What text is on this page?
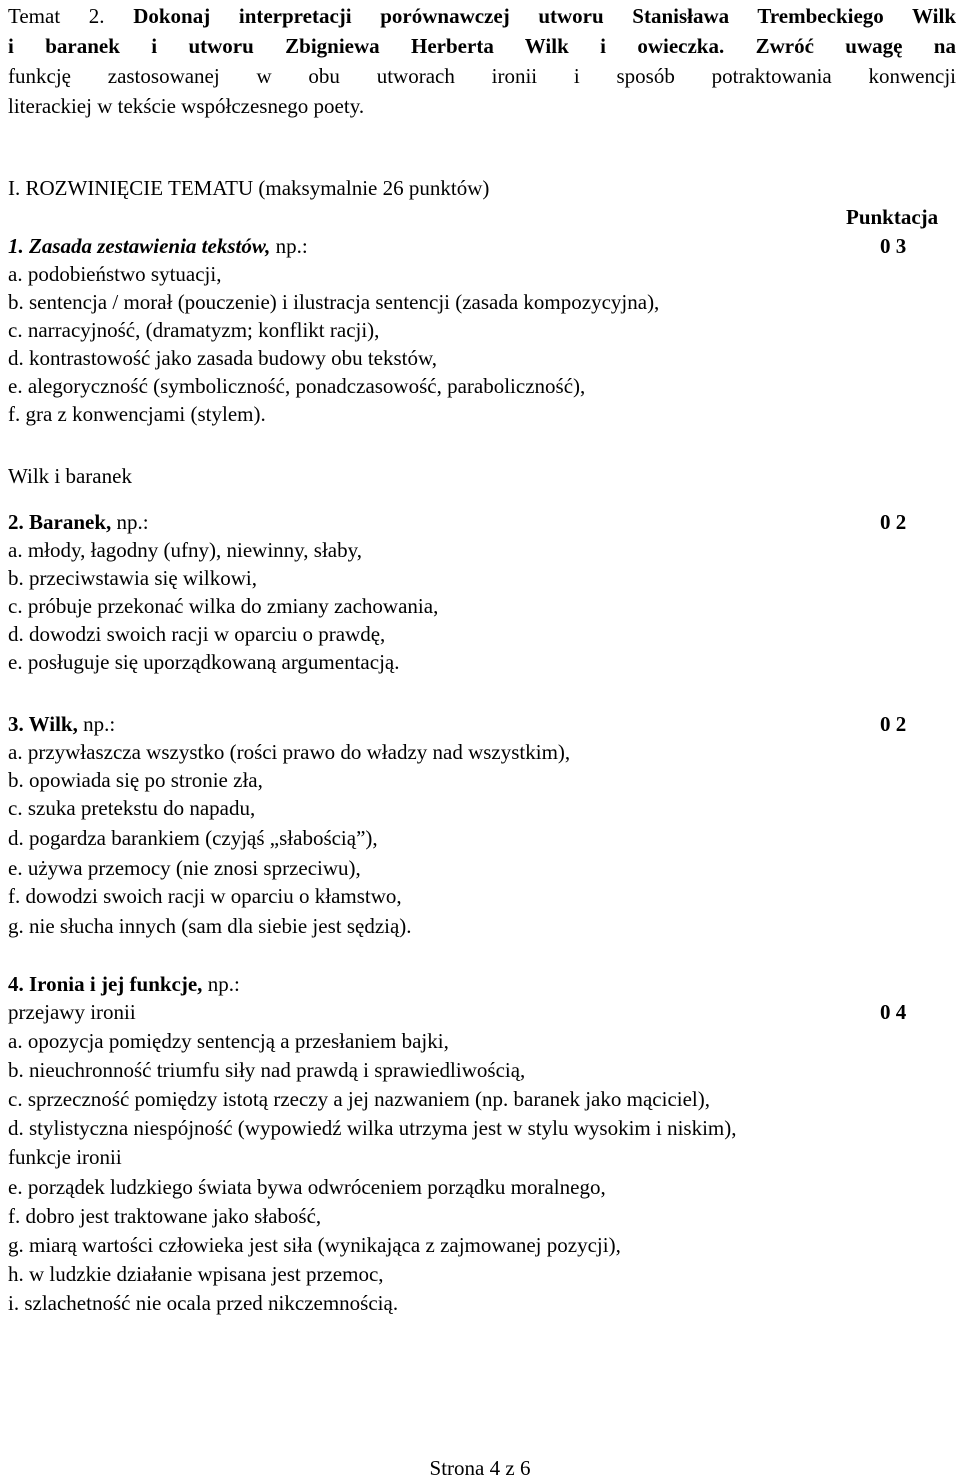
Temat 2. Dokonaj interpretacji porównawczej utworu Stanisława Trembeckiego Wilk
i baranek i utworu Zbigniewa Herberta Wilk i owieczka. Zwróć uwagę na
funkcję zastosowanej w obu utworach ironii i sposób potraktowania konwencji
literackiej w tekście współczesnego poety.
I. ROZWINIĘCIE TEMATU (maksymalnie 26 punktów)
Punktacja
1. Zasada zestawienia tekstów, np.:	0 3
a. podobieństwo sytuacji,
b. sentencja / morał (pouczenie) i ilustracja sentencji (zasada kompozycyjna),
c. narracyjność, (dramatyzm; konflikt racji),
d. kontrastowość jako zasada budowy obu tekstów,
e. alegoryczność (symboliczność, ponadczasowość, paraboliczność),
f. gra z konwencjami (stylem).
Wilk i baranek
2. Baranek, np.:	0 2
a. młody, łagodny (ufny), niewinny, słaby,
b. przeciwstawia się wilkowi,
c. próbuje przekonać wilka do zmiany zachowania,
d. dowodzi swoich racji w oparciu o prawdę,
e. posługuje się uporządkowaną argumentacją.
3. Wilk, np.:	0 2
a. przywłaszcza wszystko (rości prawo do władzy nad wszystkim),
b. opowiada się po stronie zła,
c. szuka pretekstu do napadu,
d. pogardza barankiem (czyjąś „słabością”),
e. używa przemocy (nie znosi sprzeciwu),
f. dowodzi swoich racji w oparciu o kłamstwo,
g. nie słucha innych (sam dla siebie jest sędzią).
4. Ironia i jej funkcje, np.:
przejawy ironii	0 4
a. opozycja pomiędzy sentencją a przesłaniem bajki,
b. nieuchronność triumfu siły nad prawdą i sprawiedliwością,
c. sprzeczność pomiędzy istotą rzeczy a jej nazwaniem (np. baranek jako mąciciel),
d. stylistyczna niespójność (wypowiedź wilka utrzyma jest w stylu wysokim i niskim),
funkcje ironii
e. porządek ludzkiego świata bywa odwróceniem porządku moralnego,
f. dobro jest traktowane jako słabość,
g. miarą wartości człowieka jest siła (wynikająca z zajmowanej pozycji),
h. w ludzkie działanie wpisana jest przemoc,
i. szlachetność nie ocala przed nikczemnością.
Strona 4 z 6
